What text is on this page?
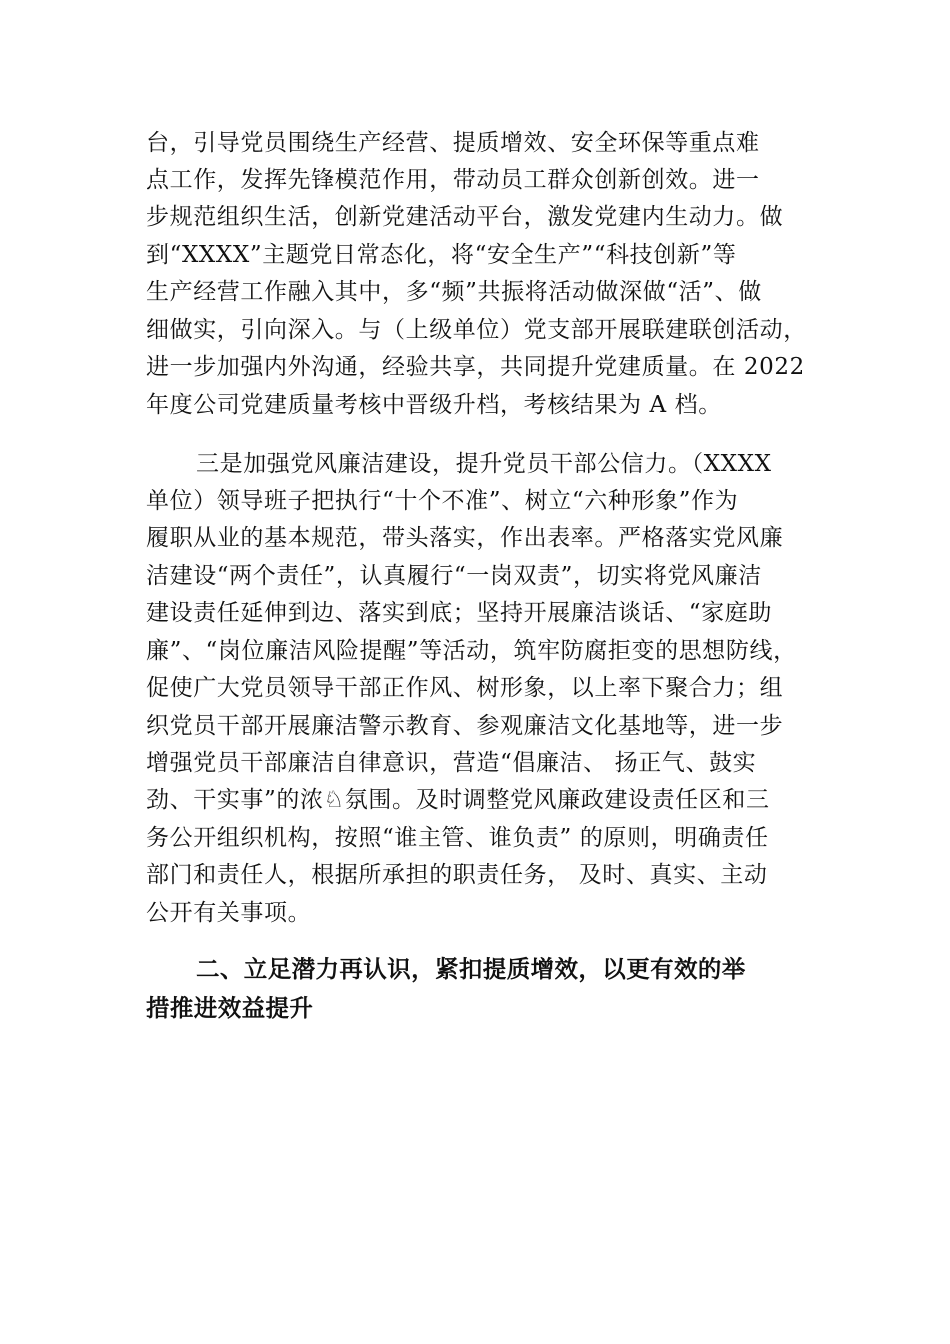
台，引导党员围绕生产经营、提质增效、安全环保等重点难
点工作，发挥先锋模范作用，带动员工群众创新创效。进一
步规范组织生活，创新党建活动平台，激发党建内生动力。做
到“XXXX”主题党日常态化，将“安全生产”“科技创新”等
生产经营工作融入其中，多“频”共振将活动做深做“活”、做
细做实，引向深入。与（上级单位）党支部开展联建联创活动，
进一步加强内外沟通，经验共享，共同提升党建质量。在 2022
年度公司党建质量考核中晋级升档，考核结果为 A 档。
三是加强党风廉洁建设，提升党员干部公信力。（XXXX
单位）领导班子把执行“十个不准”、树立“六种形象”作为
履职从业的基本规范，带头落实，作出表率。严格落实党风廉
洁建设“两个责任”，认真履行“一岗双责”，切实将党风廉洁
建设责任延伸到边、落实到底；坚持开展廉洁谈话、“家庭助
廉”、“岗位廉洁风险提醒”等活动，筑牢防腐拒变的思想防线，
促使广大党员领导干部正作风、树形象，以上率下聚合力；组
织党员干部开展廉洁警示教育、参观廉洁文化基地等，进一步
增强党员干部廉洁自律意识，营造“倡廉洁、 扬正气、鼓实
劲、干实事”的浓♘氛围。及时调整党风廉政建设责任区和三
务公开组织机构，按照“谁主管、谁负责” 的原则，明确责任
部门和责任人，根据所承担的职责任务， 及时、真实、主动
公开有关事项。
二、立足潜力再认识，紧扣提质增效，以更有效的举
措推进效益提升
